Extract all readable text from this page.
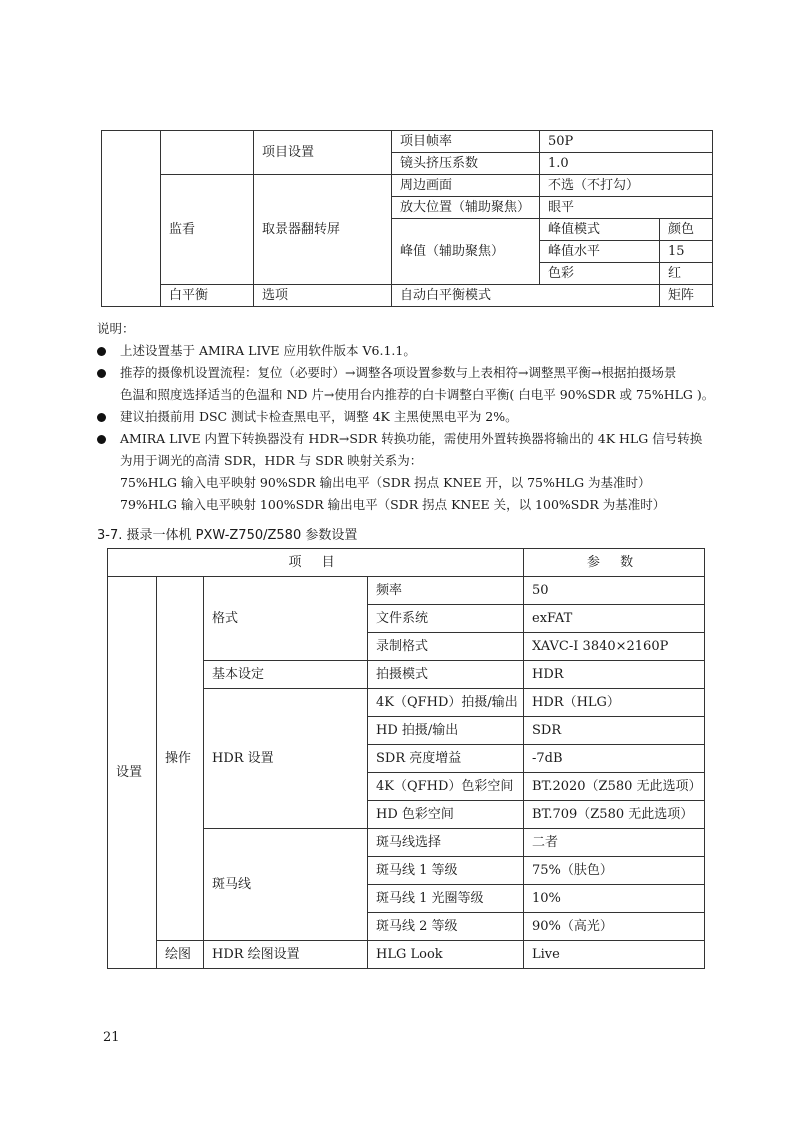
		项目设置	项目帧率	50P	
			镜头挤压系数	1.0	
	监看	取景器翻转屏	周边画面	不选（不打勾）	
			放大位置（辅助聚焦）	眼平	
			峰值（辅助聚焦）	峰值模式	颜色
				峰值水平	15
				色彩	红
	白平衡	选项	自动白平衡模式		矩阵

说明：

上述设置基于 AMIRA LIVE 应用软件版本 V6.1.1。
推荐的摄像机设置流程：复位（必要时）→调整各项设置参数与上表相符→调整黑平衡→根据拍摄场景
色温和照度选择适当的色温和 ND 片→使用台内推荐的白卡调整白平衡( 白电平 90%SDR 或 75%HLG )。
建议拍摄前用 DSC 测试卡检查黑电平，调整 4K 主黑使黑电平为 2%。
AMIRA LIVE 内置下转换器没有 HDR→SDR 转换功能，需使用外置转换器将输出的 4K HLG 信号转换
为用于调光的高清 SDR，HDR 与 SDR 映射关系为：
75%HLG 输入电平映射 90%SDR 输出电平（SDR 拐点 KNEE 开，以 75%HLG 为基准时）
79%HLG 输入电平映射 100%SDR 输出电平（SDR 拐点 KNEE 关，以 100%SDR 为基准时）
3-7. 摄录一体机 PXW-Z750/Z580 参数设置
项 目				参 数
设置	操作	格式	频率	50
			文件系统	exFAT
			录制格式	XAVC-I 3840×2160P
		基本设定	拍摄模式	HDR
		HDR 设置	4K（QFHD）拍摄/输出	HDR（HLG）
			HD 拍摄/输出	SDR
			SDR 亮度增益	-7dB
			4K（QFHD）色彩空间	BT.2020（Z580 无此选项）
			HD 色彩空间	BT.709（Z580 无此选项）
		斑马线	斑马线选择	二者
			斑马线 1 等级	75%（肤色）
			斑马线 1 光圈等级	10%
			斑马线 2 等级	90%（高光）
	绘图	HDR 绘图设置	HLG Look	Live
21
